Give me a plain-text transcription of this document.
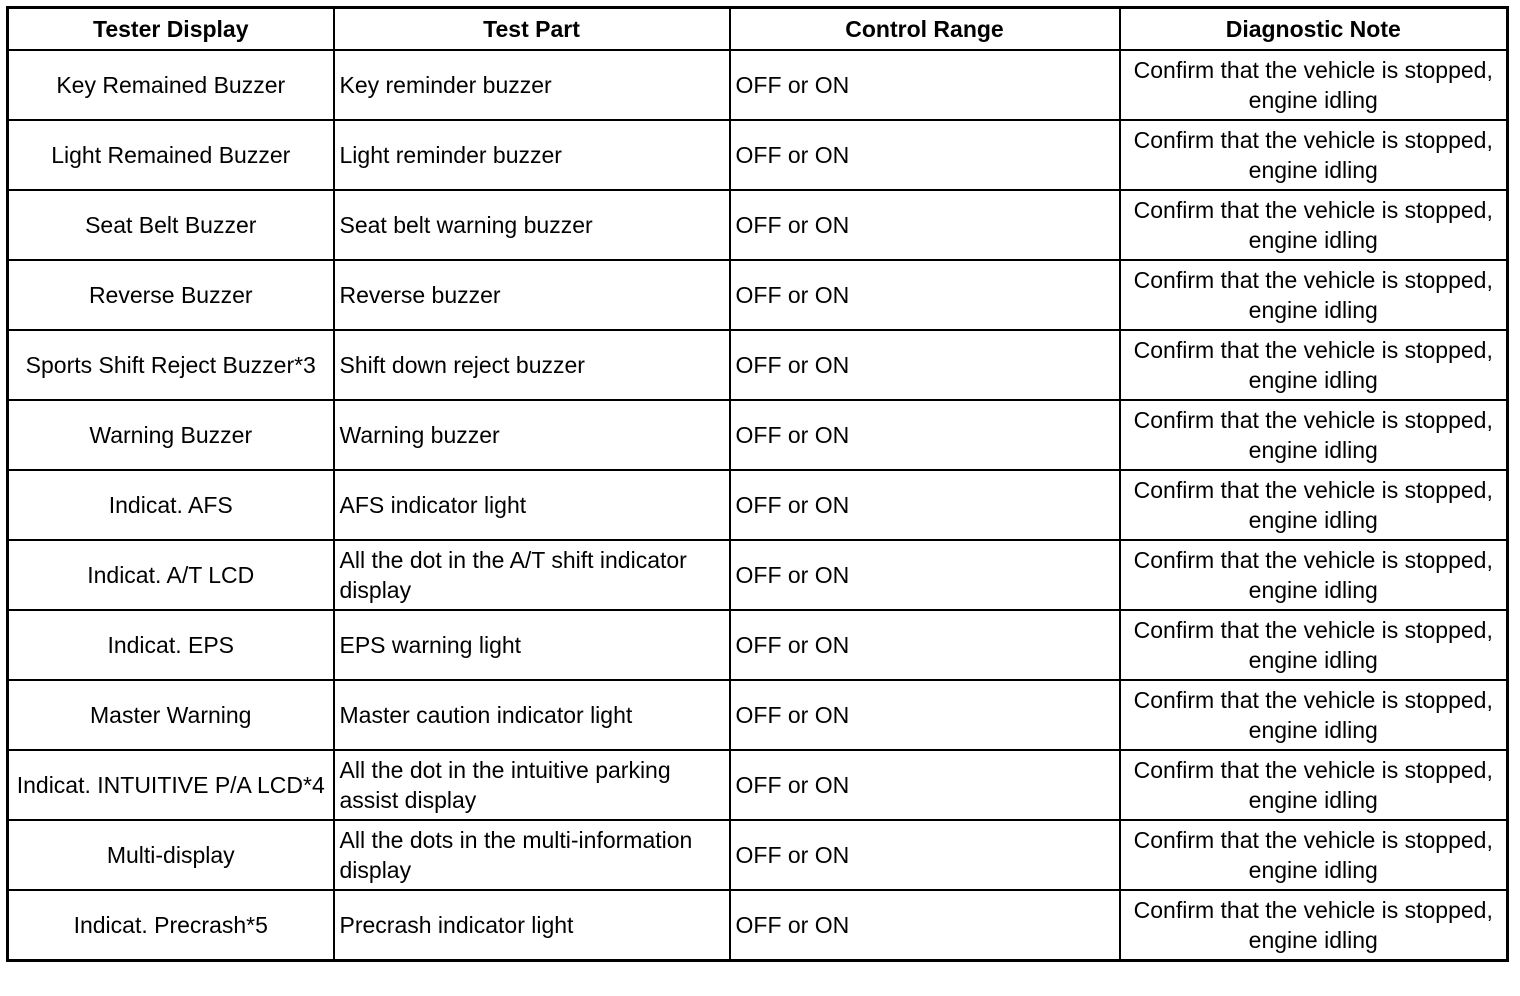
Tester Display	Test Part	Control Range	Diagnostic Note
Key Remained Buzzer	Key reminder buzzer	OFF or ON	Confirm that the vehicle is stopped, engine idling
Light Remained Buzzer	Light reminder buzzer	OFF or ON	Confirm that the vehicle is stopped, engine idling
Seat Belt Buzzer	Seat belt warning buzzer	OFF or ON	Confirm that the vehicle is stopped, engine idling
Reverse Buzzer	Reverse buzzer	OFF or ON	Confirm that the vehicle is stopped, engine idling
Sports Shift Reject Buzzer*3	Shift down reject buzzer	OFF or ON	Confirm that the vehicle is stopped, engine idling
Warning Buzzer	Warning buzzer	OFF or ON	Confirm that the vehicle is stopped, engine idling
Indicat. AFS	AFS indicator light	OFF or ON	Confirm that the vehicle is stopped, engine idling
Indicat. A/T LCD	All the dot in the A/T shift indicator display	OFF or ON	Confirm that the vehicle is stopped, engine idling
Indicat. EPS	EPS warning light	OFF or ON	Confirm that the vehicle is stopped, engine idling
Master Warning	Master caution indicator light	OFF or ON	Confirm that the vehicle is stopped, engine idling
Indicat. INTUITIVE P/A LCD*4	All the dot in the intuitive parking assist display	OFF or ON	Confirm that the vehicle is stopped, engine idling
Multi-display	All the dots in the multi-information display	OFF or ON	Confirm that the vehicle is stopped, engine idling
Indicat. Precrash*5	Precrash indicator light	OFF or ON	Confirm that the vehicle is stopped, engine idling
